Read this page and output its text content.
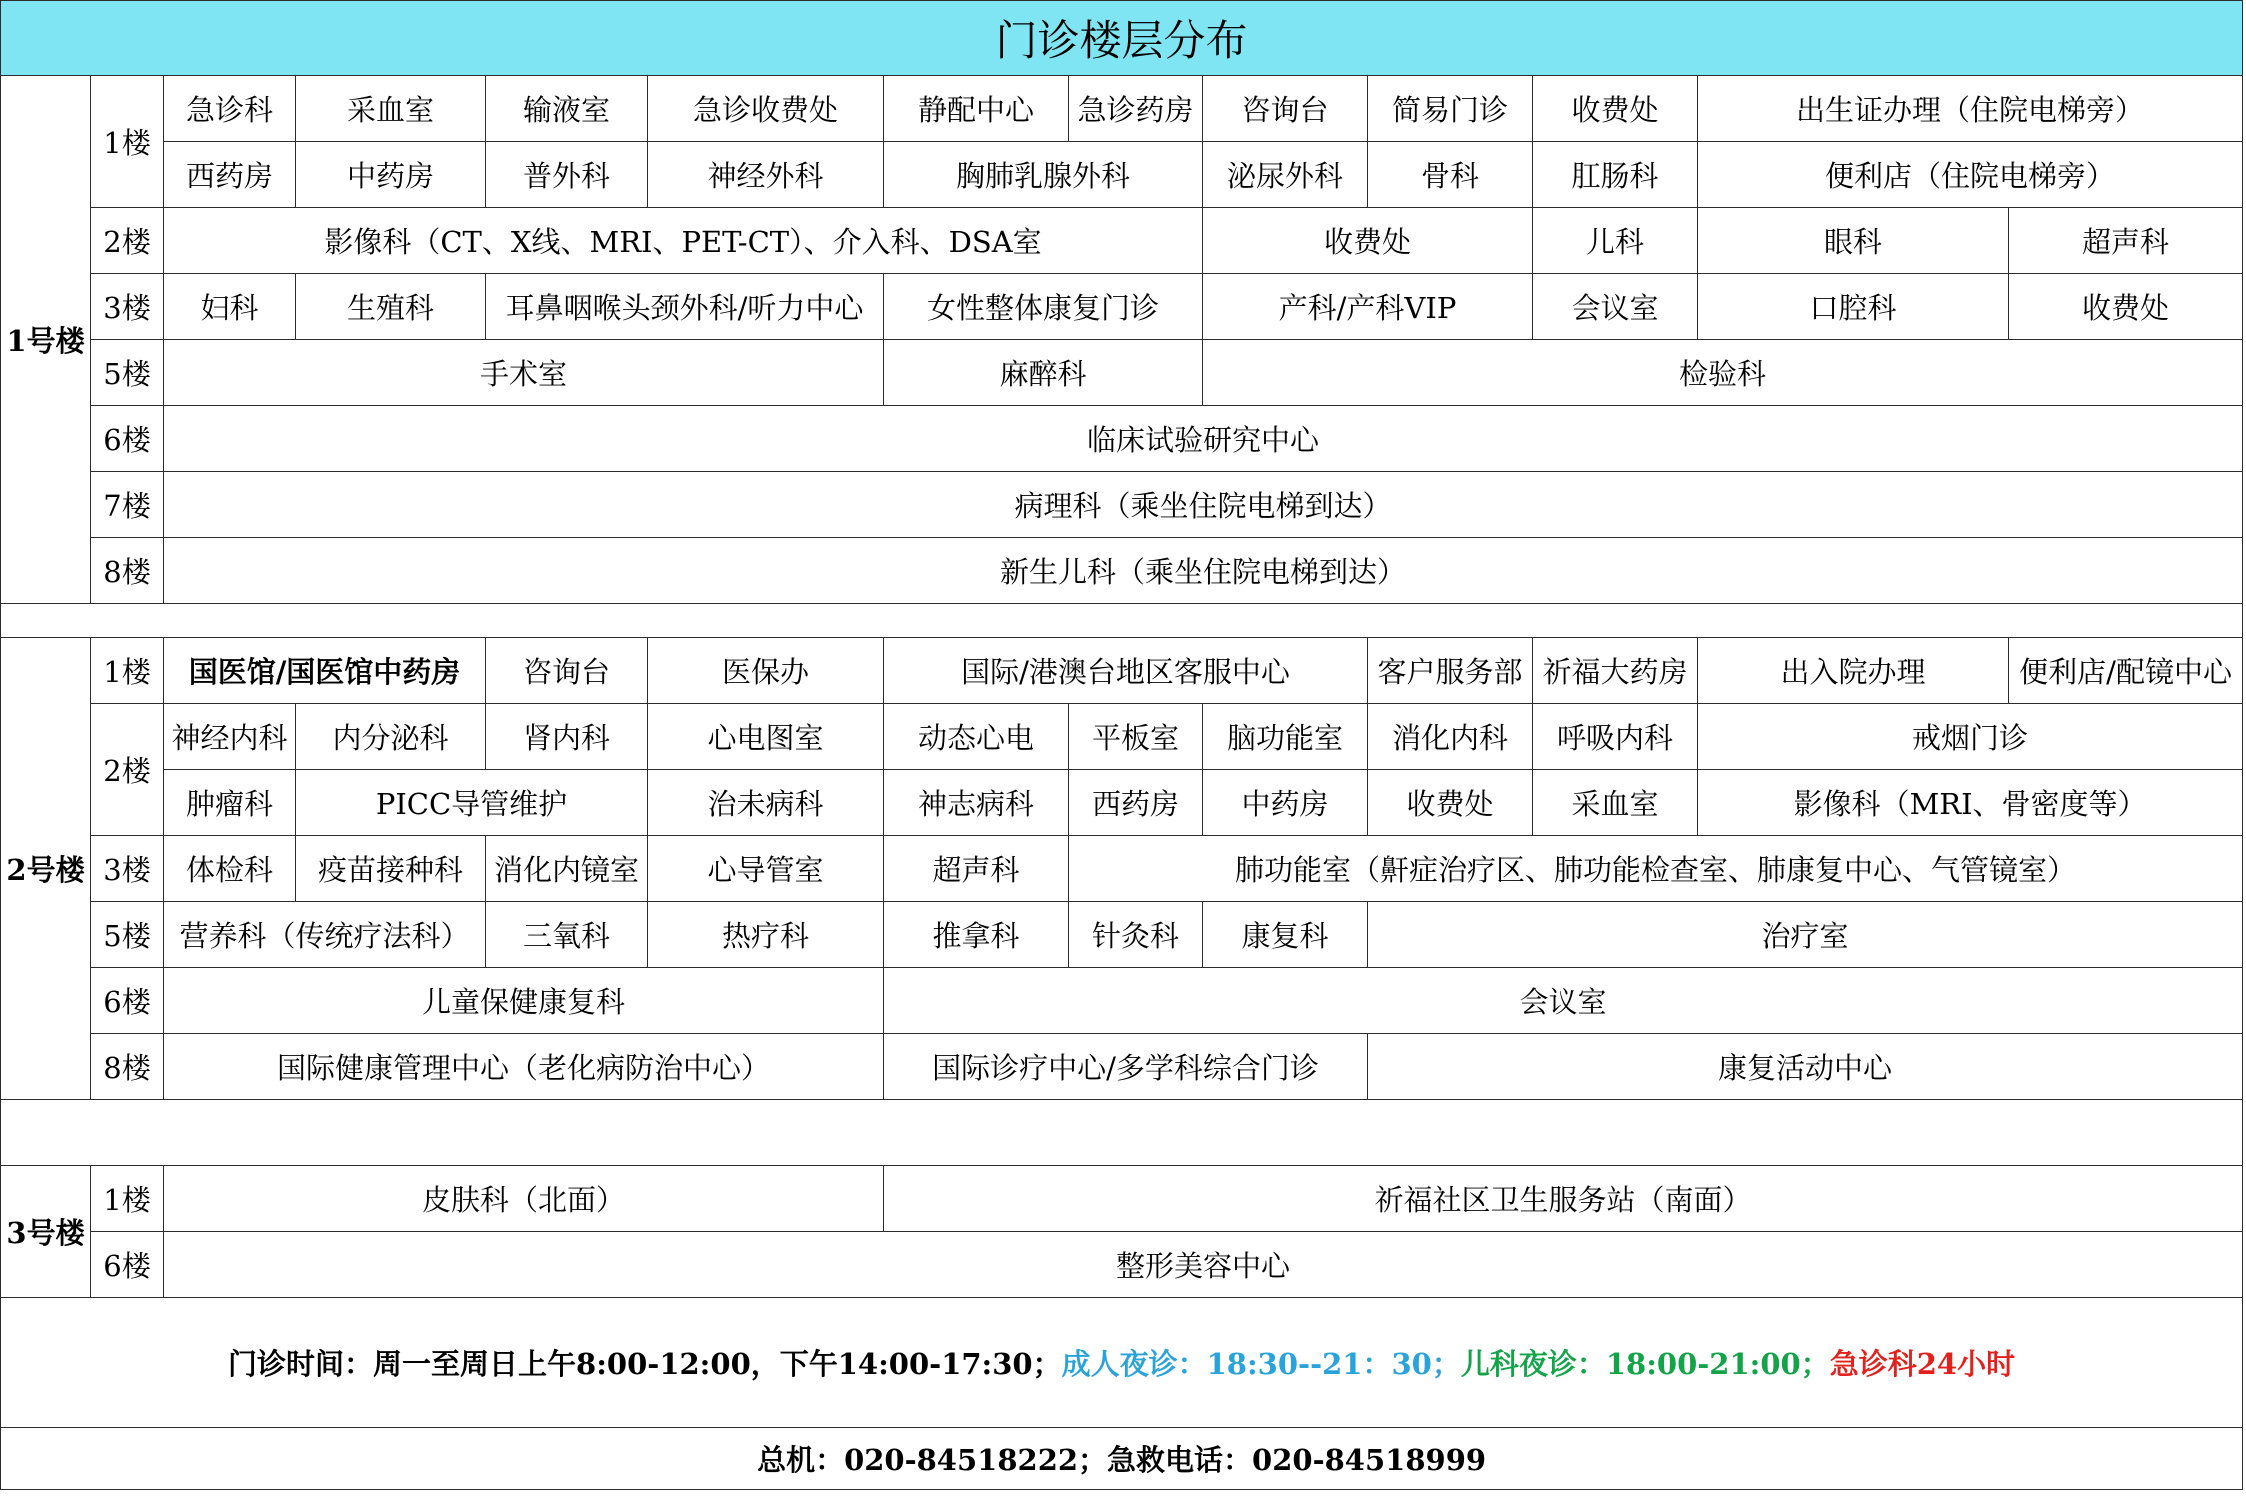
门诊楼层分布												
1号楼	1楼	急诊科	采血室	输液室	急诊收费处	静配中心	急诊药房	咨询台	简易门诊	收费处	出生证办理（住院电梯旁）	
		西药房	中药房	普外科	神经外科	胸肺乳腺外科		泌尿外科	骨科	肛肠科	便利店（住院电梯旁）	
	2楼	影像科（CT、X线、MRI、PET-CT）、介入科、DSA室						收费处		儿科	眼科	超声科
	3楼	妇科	生殖科	耳鼻咽喉头颈外科/听力中心		女性整体康复门诊		产科/产科VIP		会议室	口腔科	收费处
	5楼	手术室				麻醉科		检验科				
	6楼	临床试验研究中心										
	7楼	病理科（乘坐住院电梯到达）										
	8楼	新生儿科（乘坐住院电梯到达）										

2号楼	1楼	国医馆/国医馆中药房		咨询台	医保办	国际/港澳台地区客服中心			客户服务部	祈福大药房	出入院办理	便利店/配镜中心
	2楼	神经内科	内分泌科	肾内科	心电图室	动态心电	平板室	脑功能室	消化内科	呼吸内科	戒烟门诊	
		肿瘤科	PICC导管维护		治未病科	神志病科	西药房	中药房	收费处	采血室	影像科（MRI、骨密度等）	
	3楼	体检科	疫苗接种科	消化内镜室	心导管室	超声科	肺功能室（鼾症治疗区、肺功能检查室、肺康复中心、气管镜室）					
	5楼	营养科（传统疗法科）		三氧科	热疗科	推拿科	针灸科	康复科	治疗室			
	6楼	儿童保健康复科				会议室						
	8楼	国际健康管理中心（老化病防治中心）				国际诊疗中心/多学科综合门诊			康复活动中心			

3号楼	1楼	皮肤科（北面）				祈福社区卫生服务站（南面）						
	6楼	整形美容中心										
门诊时间：周一至周日上午8:00-12:00，下午14:00-17:30；成人夜诊：18:30--21：30；儿科夜诊：18:00-21:00；急诊科24小时												
总机：020-84518222；急救电话：020-84518999												
